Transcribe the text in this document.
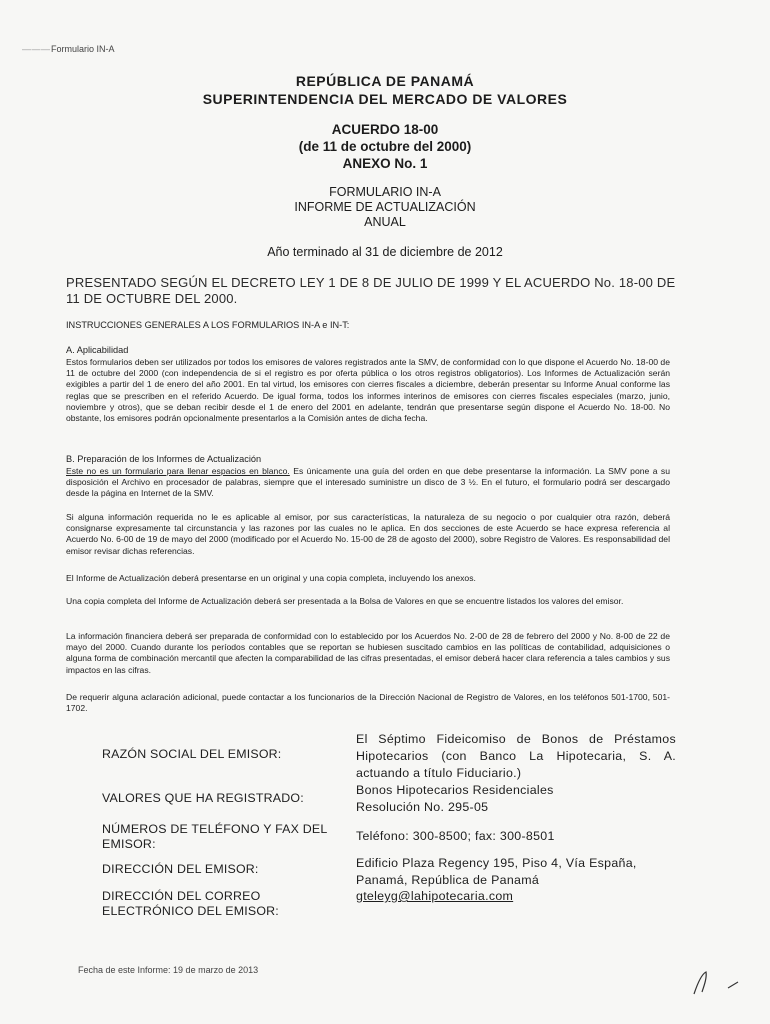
— — — Formulario IN-A
REPÚBLICA DE PANAMÁ
SUPERINTENDENCIA DEL MERCADO DE VALORES
ACUERDO 18-00
(de 11 de octubre del 2000)
ANEXO No. 1
FORMULARIO IN-A
INFORME DE ACTUALIZACIÓN
ANUAL
Año terminado al 31 de diciembre de 2012
PRESENTADO SEGÚN EL DECRETO LEY 1 DE 8 DE JULIO DE 1999 Y EL ACUERDO No. 18-00 DE 11 DE OCTUBRE DEL 2000.
INSTRUCCIONES GENERALES A LOS FORMULARIOS IN-A e IN-T:
A. Aplicabilidad
Estos formularios deben ser utilizados por todos los emisores de valores registrados ante la SMV, de conformidad con lo que dispone el Acuerdo No. 18-00 de 11 de octubre del 2000 (con independencia de si el registro es por oferta pública o los otros registros obligatorios). Los Informes de Actualización serán exigibles a partir del 1 de enero del año 2001. En tal virtud, los emisores con cierres fiscales a diciembre, deberán presentar su Informe Anual conforme las reglas que se prescriben en el referido Acuerdo. De igual forma, todos los informes interinos de emisores con cierres fiscales especiales (marzo, junio, noviembre y otros), que se deban recibir desde el 1 de enero del 2001 en adelante, tendrán que presentarse según dispone el Acuerdo No. 18-00. No obstante, los emisores podrán opcionalmente presentarlos a la Comisión antes de dicha fecha.
B. Preparación de los Informes de Actualización
Este no es un formulario para llenar espacios en blanco. Es únicamente una guía del orden en que debe presentarse la información. La SMV pone a su disposición el Archivo en procesador de palabras, siempre que el interesado suministre un disco de 3 ½. En el futuro, el formulario podrá ser descargado desde la página en Internet de la SMV.
Si alguna información requerida no le es aplicable al emisor, por sus características, la naturaleza de su negocio o por cualquier otra razón, deberá consignarse expresamente tal circunstancia y las razones por las cuales no le aplica. En dos secciones de este Acuerdo se hace expresa referencia al Acuerdo No. 6-00 de 19 de mayo del 2000 (modificado por el Acuerdo No. 15-00 de 28 de agosto del 2000), sobre Registro de Valores. Es responsabilidad del emisor revisar dichas referencias.
El Informe de Actualización deberá presentarse en un original y una copia completa, incluyendo los anexos.
Una copia completa del Informe de Actualización deberá ser presentada a la Bolsa de Valores en que se encuentre listados los valores del emisor.
La información financiera deberá ser preparada de conformidad con lo establecido por los Acuerdos No. 2-00 de 28 de febrero del 2000 y No. 8-00 de 22 de mayo del 2000. Cuando durante los períodos contables que se reportan se hubiesen suscitado cambios en las políticas de contabilidad, adquisiciones o alguna forma de combinación mercantil que afecten la comparabilidad de las cifras presentadas, el emisor deberá hacer clara referencia a tales cambios y sus impactos en las cifras.
De requerir alguna aclaración adicional, puede contactar a los funcionarios de la Dirección Nacional de Registro de Valores, en los teléfonos 501-1700, 501-1702.
RAZÓN SOCIAL DEL EMISOR:
El Séptimo Fideicomiso de Bonos de Préstamos Hipotecarios (con Banco La Hipotecaria, S. A. actuando a título Fiduciario.)
VALORES QUE HA REGISTRADO:
Bonos Hipotecarios Residenciales Resolución No. 295-05
NÚMEROS DE TELÉFONO Y FAX DEL EMISOR:
Teléfono: 300-8500; fax: 300-8501
DIRECCIÓN DEL EMISOR:	Edificio Plaza Regency 195, Piso 4, Vía España, Panamá, República de Panamá
DIRECCIÓN DEL CORREO ELECTRÓNICO DEL EMISOR:
gteleyg@lahipotecaria.com
Fecha de este Informe: 19 de marzo de 2013
